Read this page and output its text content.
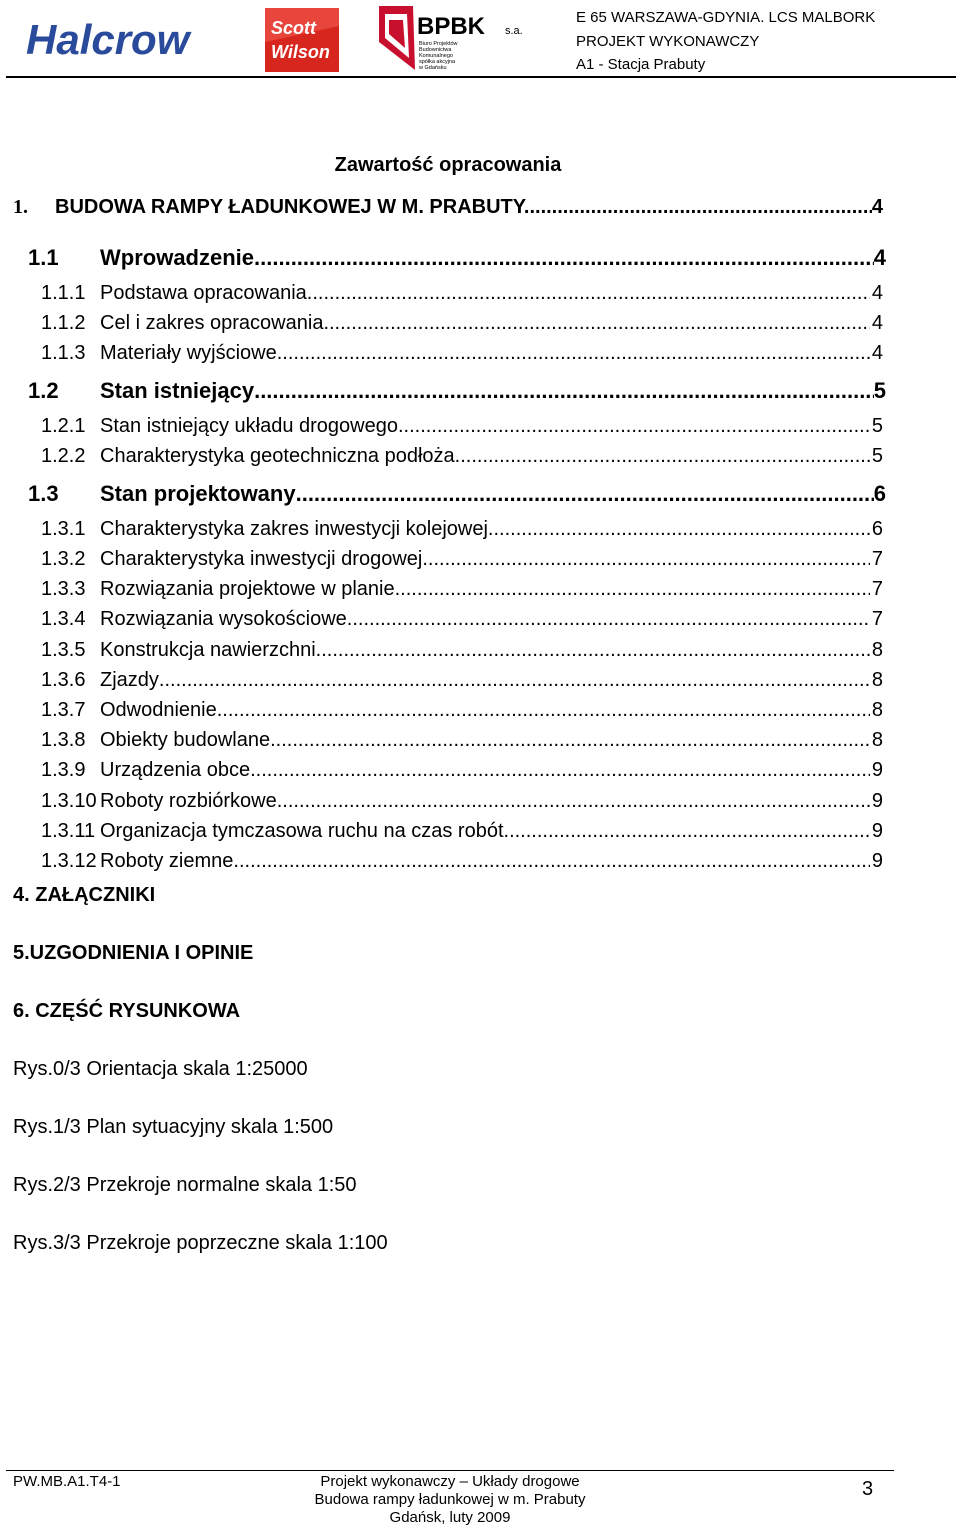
Halcrow	Scott
Wilson
BPBK s.a.
Biuro Projektów
Budownictwa
Komunalnego
spółka akcyjna
w Gdańsku
E 65 WARSZAWA-GDYNIA. LCS MALBORK
PROJEKT WYKONAWCZY
A1 - Stacja Prabuty
Zawartość opracowania
1.	BUDOWA RAMPY ŁADUNKOWEJ W M. PRABUTY. .....	4
1.1	Wprowadzenie .....	4
1.1.1 Podstawa opracowania .....	4
1.1.2 Cel i zakres opracowania .....	4
1.1.3 Materiały wyjściowe .....	4
1.2	Stan istniejący .....	5
1.2.1 Stan istniejący układu drogowego .....	5
1.2.2 Charakterystyka geotechniczna podłoża .....	5
1.3	Stan projektowany .....	6
1.3.1 Charakterystyka zakres inwestycji kolejowej .....	6
1.3.2 Charakterystyka inwestycji drogowej .....	7
1.3.3 Rozwiązania projektowe w planie. .....	7
1.3.4 Rozwiązania wysokościowe .....	7
1.3.5 Konstrukcja nawierzchni .....	8
1.3.6 Zjazdy .....	8
1.3.7 Odwodnienie .....	8
1.3.8 Obiekty budowlane .....	8
1.3.9 Urządzenia obce .....	9
1.3.10 Roboty rozbiórkowe .....	9
1.3.11 Organizacja tymczasowa ruchu na czas robót .....	9
1.3.12 Roboty ziemne .....	9
4. ZAŁĄCZNIKI
5.UZGODNIENIA I OPINIE
6. CZĘŚĆ RYSUNKOWA
Rys.0/3 Orientacja skala 1:25000
Rys.1/3 Plan sytuacyjny skala 1:500
Rys.2/3 Przekroje normalne skala 1:50
Rys.3/3 Przekroje poprzeczne skala 1:100
PW.MB.A1.T4-1	Projekt wykonawczy – Układy drogowe
Budowa rampy ładunkowej w m. Prabuty
Gdańsk, luty 2009
3
